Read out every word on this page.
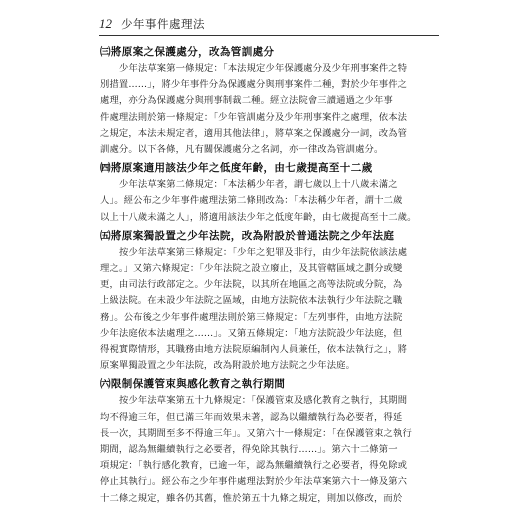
12 少年事件處理法
㈢將原案之保護處分，改為管訓處分
少年法草案第一條規定：「本法規定少年保護處分及少年刑事案件之特
別措置……」，將少年事件分為保護處分與刑事案件二種，對於少年事件之
處理，亦分為保護處分與刑事制裁二種。經立法院會三讀通過之少年事
件處理法則於第一條規定：「少年管訓處分及少年刑事案件之處理，依本法
之規定，本法未規定者，適用其他法律」，將草案之保護處分一詞，改為管
訓處分。以下各條，凡有關保護處分之名詞，亦一律改為管訓處分。
㈣將原案適用該法少年之低度年齡，由七歲提高至十二歲
少年法草案第二條規定：「本法稱少年者，謂七歲以上十八歲未滿之
人」。經公布之少年事件處理法第二條則改為：「本法稱少年者，謂十二歲
以上十八歲未滿之人」，將適用該法少年之低度年齡，由七歲提高至十二歲。
㈤將原案獨設置之少年法院，改為附設於普通法院之少年法庭
按少年法草案第三條規定：「少年之犯罪及非行，由少年法院依該法處
理之。」又第六條規定：「少年法院之設立廢止，及其管轄區域之劃分或變
更，由司法行政部定之。少年法院，以其所在地區之高等法院或分院，為
上級法院。在未設少年法院之區域，由地方法院依本法執行少年法院之職
務」。公布後之少年事件處理法則於第三條規定：「左列事件，由地方法院
少年法庭依本法處理之……」。又第五條規定：「地方法院設少年法庭，但
得視實際情形，其職務由地方法院原編制內人員兼任，依本法執行之」，將
原案單獨設置之少年法院，改為附設於地方法院之少年法庭。
㈥限制保護管束與感化教育之執行期間
按少年法草案第五十九條規定：「保護管束及感化教育之執行，其期間
均不得逾三年，但已滿三年而效果未著，認為以繼續執行為必要者，得延
長一次，其期間至多不得逾三年」。又第六十一條規定：「在保護管束之執行
期間，認為無繼續執行之必要者，得免除其執行……」。第六十二條第一
項規定：「執行感化教育，已逾一年，認為無繼續執行之必要者，得免除或
停止其執行」。經公布之少年事件處理法對於少年法草案第六十一條及第六
十二條之規定，雖各仍其舊，惟於第五十九條之規定，則加以修改，而於
